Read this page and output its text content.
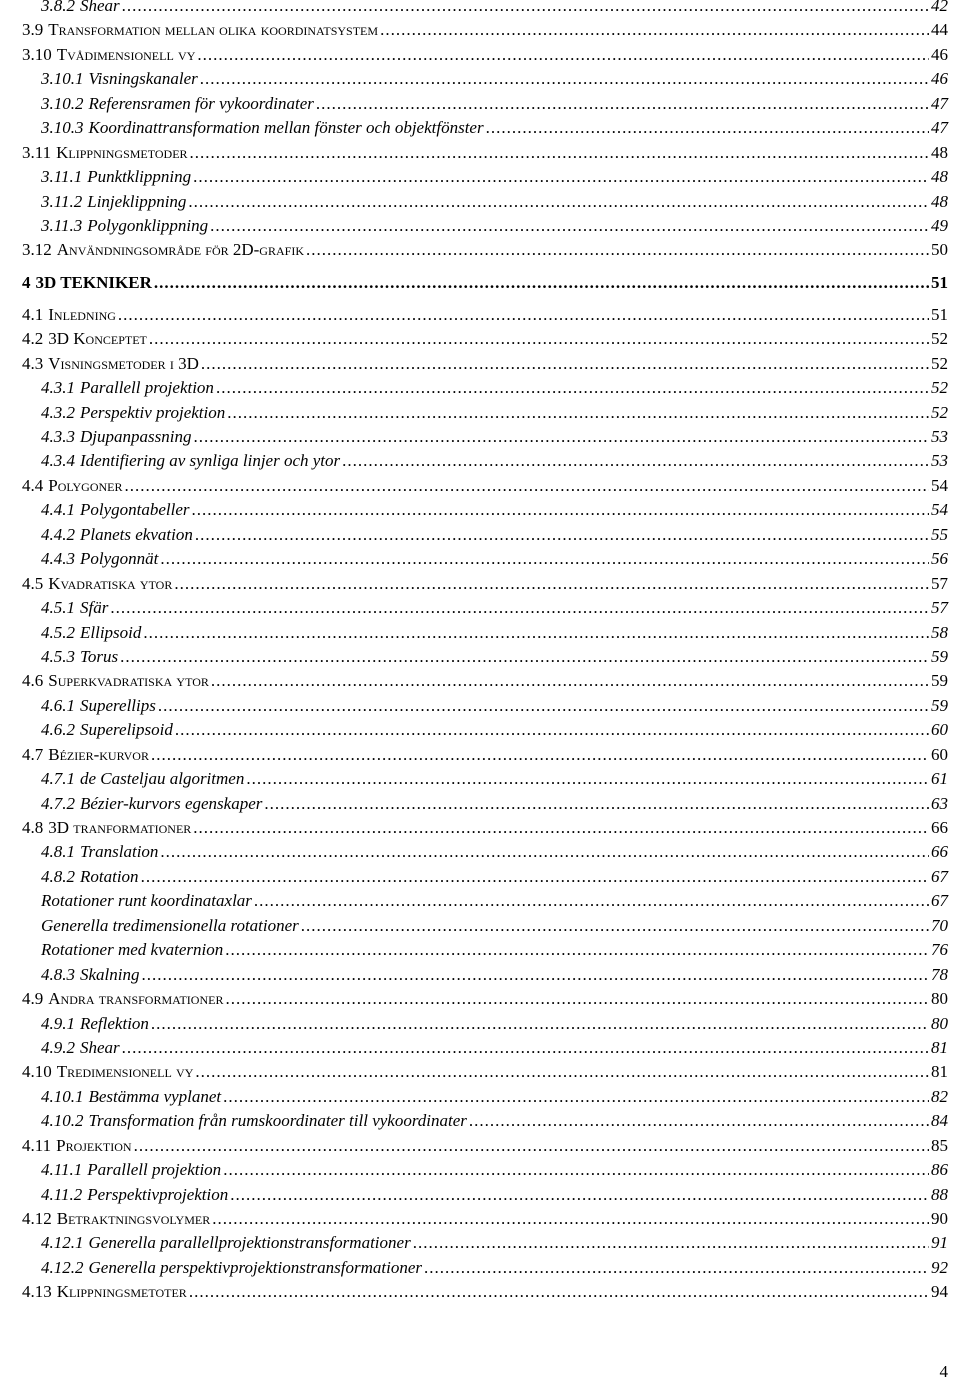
3.8.2 Shear .....	42
3.9 Transformation mellan olika koordinatsystem .....	44
3.10 Tvådimensionell vy .....	46
3.10.1 Visningskanaler .....	46
3.10.2 Referensramen för vykoordinater .....	47
3.10.3 Koordinattransformation mellan fönster och objektfönster .....	47
3.11 Klippningsmetoder .....	48
3.11.1 Punktklippning .....	48
3.11.2 Linjeklippning .....	48
3.11.3 Polygonklippning .....	49
3.12 Användningsområde för 2D-grafik .....	50
4 3D TEKNIKER .....	51
4.1 Inledning .....	51
4.2 3D Konceptet .....	52
4.3 Visningsmetoder i 3D .....	52
4.3.1 Parallell projektion .....	52
4.3.2 Perspektiv projektion .....	52
4.3.3 Djupanpassning .....	53
4.3.4 Identifiering av synliga linjer och ytor .....	53
4.4 Polygoner .....	54
4.4.1 Polygontabeller .....	54
4.4.2 Planets ekvation .....	55
4.4.3 Polygonnät .....	56
4.5 Kvadratiska ytor .....	57
4.5.1 Sfär .....	57
4.5.2 Ellipsoid .....	58
4.5.3 Torus .....	59
4.6 Superkvadratiska ytor .....	59
4.6.1 Superellips .....	59
4.6.2 Superelipsoid .....	60
4.7 Bézier-kurvor .....	60
4.7.1 de Casteljau algoritmen .....	61
4.7.2 Bézier-kurvors egenskaper .....	63
4.8 3D tranformationer .....	66
4.8.1 Translation .....	66
4.8.2 Rotation .....	67
Rotationer runt koordinataxlar .....	67
Generella tredimensionella rotationer .....	70
Rotationer med kvaternion .....	76
4.8.3 Skalning .....	78
4.9 Andra transformationer .....	80
4.9.1 Reflektion .....	80
4.9.2 Shear .....	81
4.10 Tredimensionell vy .....	81
4.10.1 Bestämma vyplanet .....	82
4.10.2 Transformation från rumskoordinater till vykoordinater .....	84
4.11 Projektion .....	85
4.11.1 Parallell projektion .....	86
4.11.2 Perspektivprojektion .....	88
4.12 Betraktningsvolymer .....	90
4.12.1 Generella parallellprojektionstransformationer .....	91
4.12.2 Generella perspektivprojektionstransformationer .....	92
4.13 Klippningsmetoter .....	94
4
